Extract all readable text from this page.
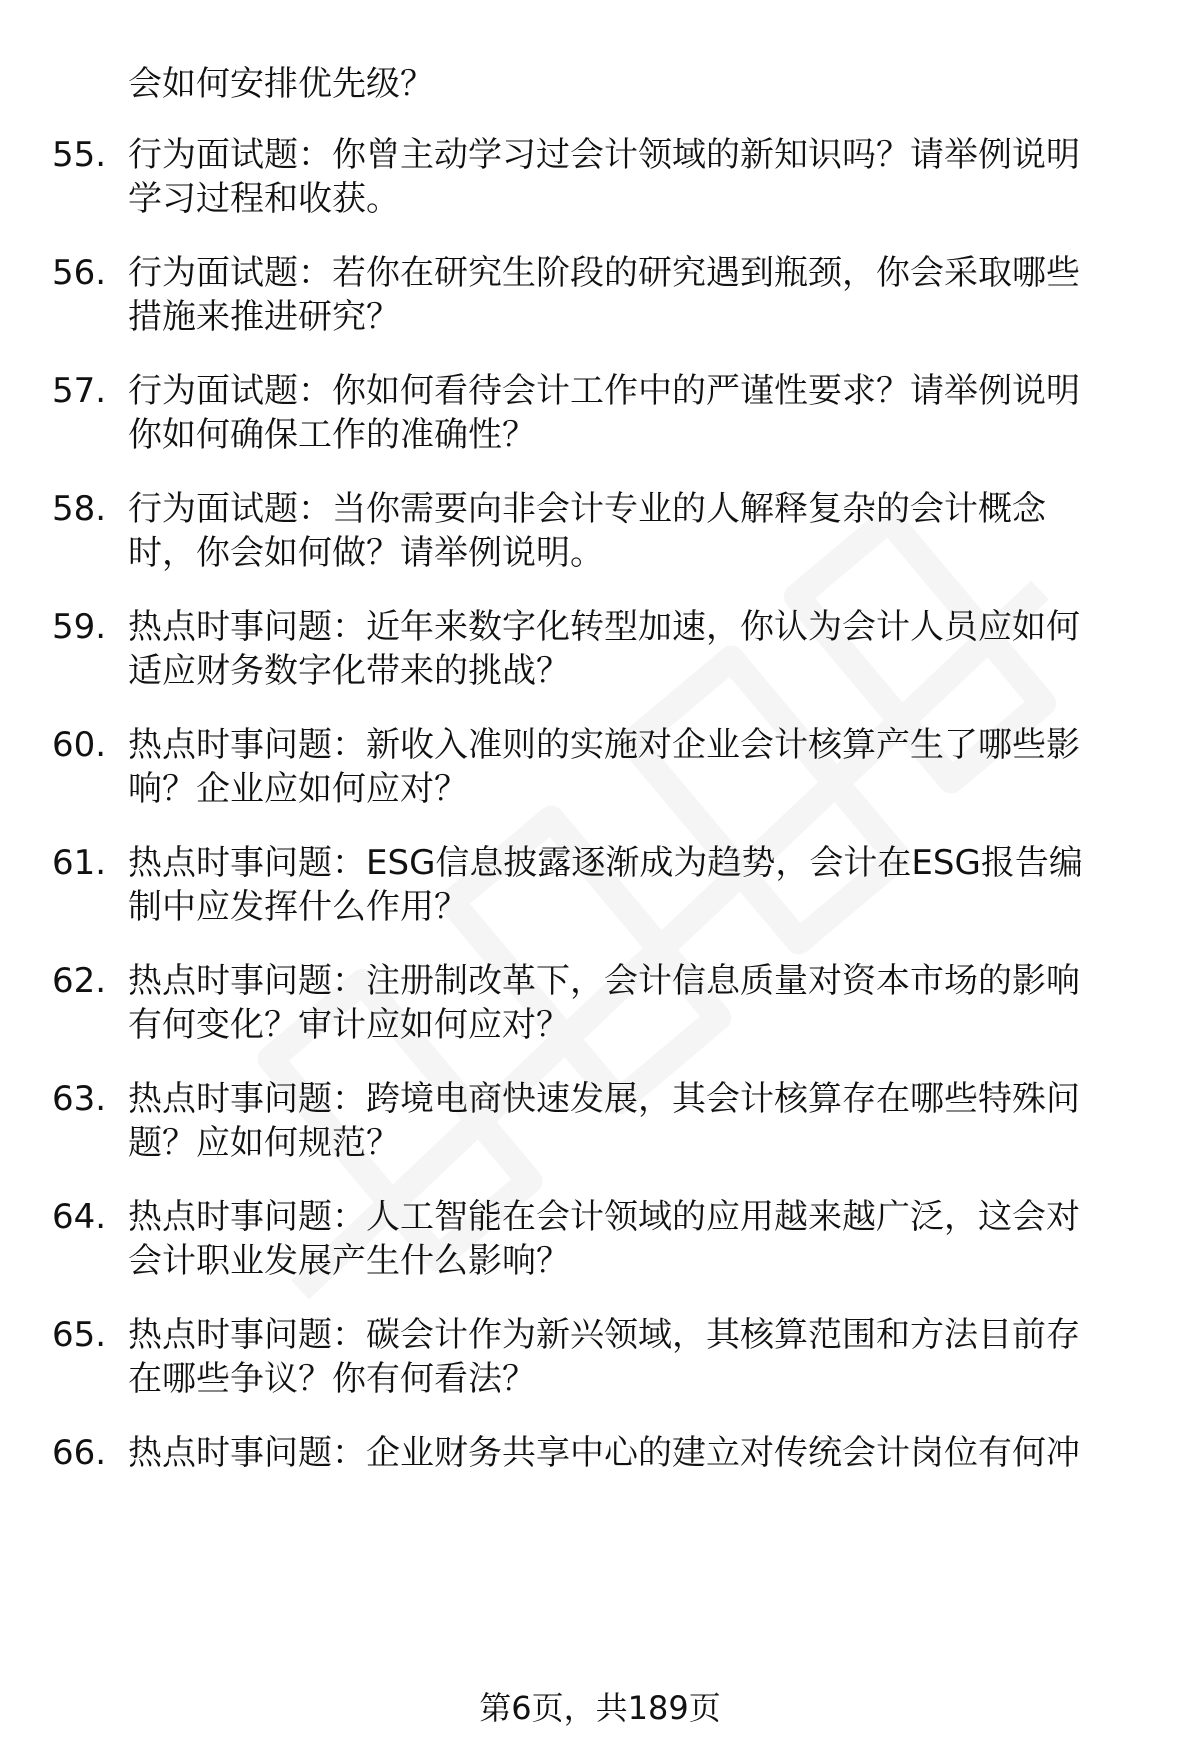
会如何安排优先级？
55. 行为面试题：你曾主动学习过会计领域的新知识吗？请举例说明
学习过程和收获。
56. 行为面试题：若你在研究生阶段的研究遇到瓶颈，你会采取哪些
措施来推进研究？
57. 行为面试题：你如何看待会计工作中的严谨性要求？请举例说明
你如何确保工作的准确性？
58. 行为面试题：当你需要向非会计专业的人解释复杂的会计概念
时，你会如何做？请举例说明。
59. 热点时事问题：近年来数字化转型加速，你认为会计人员应如何
适应财务数字化带来的挑战？
60. 热点时事问题：新收入准则的实施对企业会计核算产生了哪些影
响？企业应如何应对？
61. 热点时事问题：ESG信息披露逐渐成为趋势，会计在ESG报告编
制中应发挥什么作用？
62. 热点时事问题：注册制改革下，会计信息质量对资本市场的影响
有何变化？审计应如何应对？
63. 热点时事问题：跨境电商快速发展，其会计核算存在哪些特殊问
题？应如何规范？
64. 热点时事问题：人工智能在会计领域的应用越来越广泛，这会对
会计职业发展产生什么影响？
65. 热点时事问题：碳会计作为新兴领域，其核算范围和方法目前存
在哪些争议？你有何看法？
66. 热点时事问题：企业财务共享中心的建立对传统会计岗位有何冲
第6页，共189页
